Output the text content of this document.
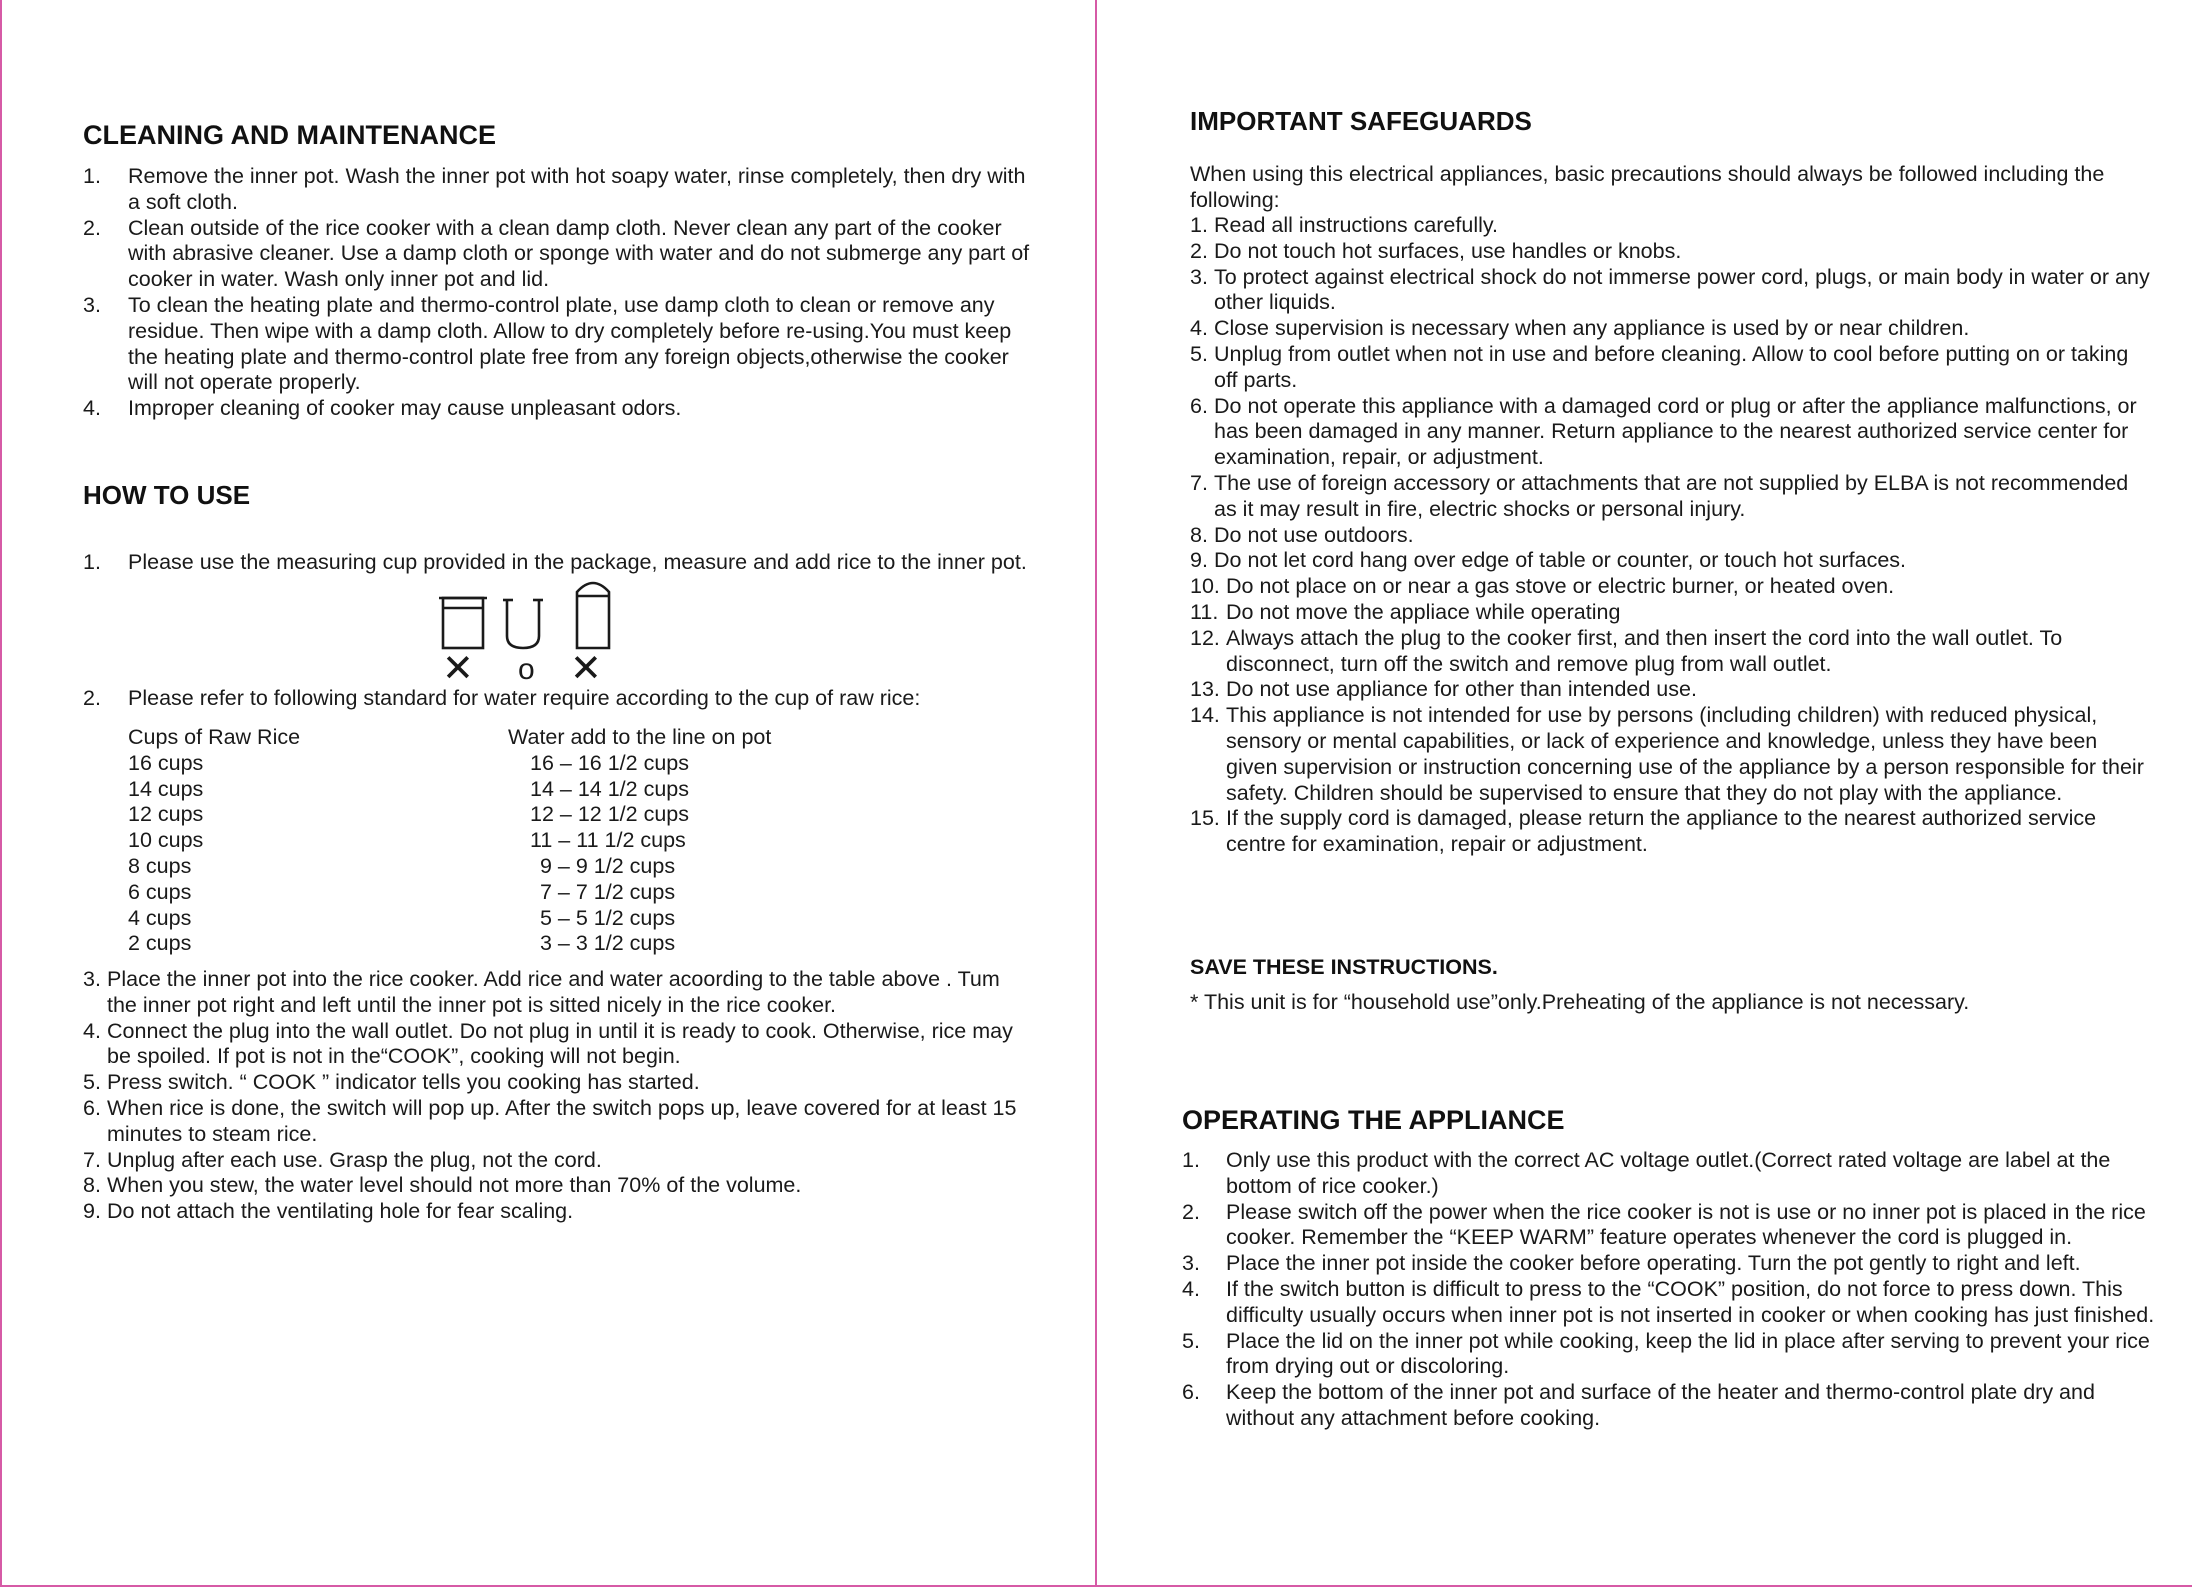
CLEANING AND MAINTENANCE
1. Remove the inner pot. Wash the inner pot with hot soapy water, rinse completely, then dry with a soft cloth.
2. Clean outside of the rice cooker with a clean damp cloth. Never clean any part of the cooker with abrasive cleaner. Use a damp cloth or sponge with water and do not submerge any part of cooker in water. Wash only inner pot and lid.
3. To clean the heating plate and thermo-control plate, use damp cloth to clean or remove any residue. Then wipe with a damp cloth. Allow to dry completely before re-using.You must keep the heating plate and thermo-control plate free from any foreign objects,otherwise the cooker will not operate properly.
4. Improper cleaning of cooker may cause unpleasant odors.
HOW TO USE
1. Please use the measuring cup provided in the package, measure and add rice to the inner pot.
✕ o ✕
2. Please refer to following standard for water require according to the cup of raw rice:
Cups of Raw Rice	Water add to the line on pot
16 cups	16 – 16 1/2 cups
14 cups	14 – 14 1/2 cups
12 cups	12 – 12 1/2 cups
10 cups	11 – 11 1/2 cups
8 cups	9 – 9 1/2 cups
6 cups	7 – 7 1/2 cups
4 cups	5 – 5 1/2 cups
2 cups	3 – 3 1/2 cups
3. Place the inner pot into the rice cooker. Add rice and water acoording to the table above . Tum the inner pot right and left until the inner pot is sitted nicely in the rice cooker.
4. Connect the plug into the wall outlet. Do not plug in until it is ready to cook. Otherwise, rice may be spoiled. If pot is not in the“COOK”, cooking will not begin.
5. Press switch. “ COOK ” indicator tells you cooking has started.
6. When rice is done, the switch will pop up. After the switch pops up, leave covered for at least 15 minutes to steam rice.
7. Unplug after each use. Grasp the plug, not the cord.
8. When you stew, the water level should not more than 70% of the volume.
9. Do not attach the ventilating hole for fear scaling.
IMPORTANT SAFEGUARDS

When using this electrical appliances, basic precautions should always be followed including the following:

1. Read all instructions carefully.
2. Do not touch hot surfaces, use handles or knobs.
3. To protect against electrical shock do not immerse power cord, plugs, or main body in water or any other liquids.
4. Close supervision is necessary when any appliance is used by or near children.
5. Unplug from outlet when not in use and before cleaning. Allow to cool before putting on or taking off parts.
6. Do not operate this appliance with a damaged cord or plug or after the appliance malfunctions, or has been damaged in any manner. Return appliance to the nearest authorized service center for examination, repair, or adjustment.
7. The use of foreign accessory or attachments that are not supplied by ELBA is not recommended as it may result in fire, electric shocks or personal injury.
8. Do not use outdoors.
9. Do not let cord hang over edge of table or counter, or touch hot surfaces.
10. Do not place on or near a gas stove or electric burner, or heated oven.
11. Do not move the appliace while operating
12. Always attach the plug to the cooker first, and then insert the cord into the wall outlet. To disconnect, turn off the switch and remove plug from wall outlet.
13. Do not use appliance for other than intended use.
14. This appliance is not intended for use by persons (including children) with reduced physical, sensory or mental capabilities, or lack of experience and knowledge, unless they have been given supervision or instruction concerning use of the appliance by a person responsible for their safety. Children should be supervised to ensure that they do not play with the appliance.
15. If the supply cord is damaged, please return the appliance to the nearest authorized service centre for examination, repair or adjustment.
SAVE THESE INSTRUCTIONS.

* This unit is for “household use”only.Preheating of the appliance is not necessary.

OPERATING THE APPLIANCE
1. Only use this product with the correct AC voltage outlet.(Correct rated voltage are label at the bottom of rice cooker.)
2. Please switch off the power when the rice cooker is not is use or no inner pot is placed in the rice cooker. Remember the “KEEP WARM” feature operates whenever the cord is plugged in.
3. Place the inner pot inside the cooker before operating. Turn the pot gently to right and left.
4. If the switch button is difficult to press to the “COOK” position, do not force to press down. This difficulty usually occurs when inner pot is not inserted in cooker or when cooking has just finished.
5. Place the lid on the inner pot while cooking, keep the lid in place after serving to prevent your rice from drying out or discoloring.
6. Keep the bottom of the inner pot and surface of the heater and thermo-control plate dry and without any attachment before cooking.
